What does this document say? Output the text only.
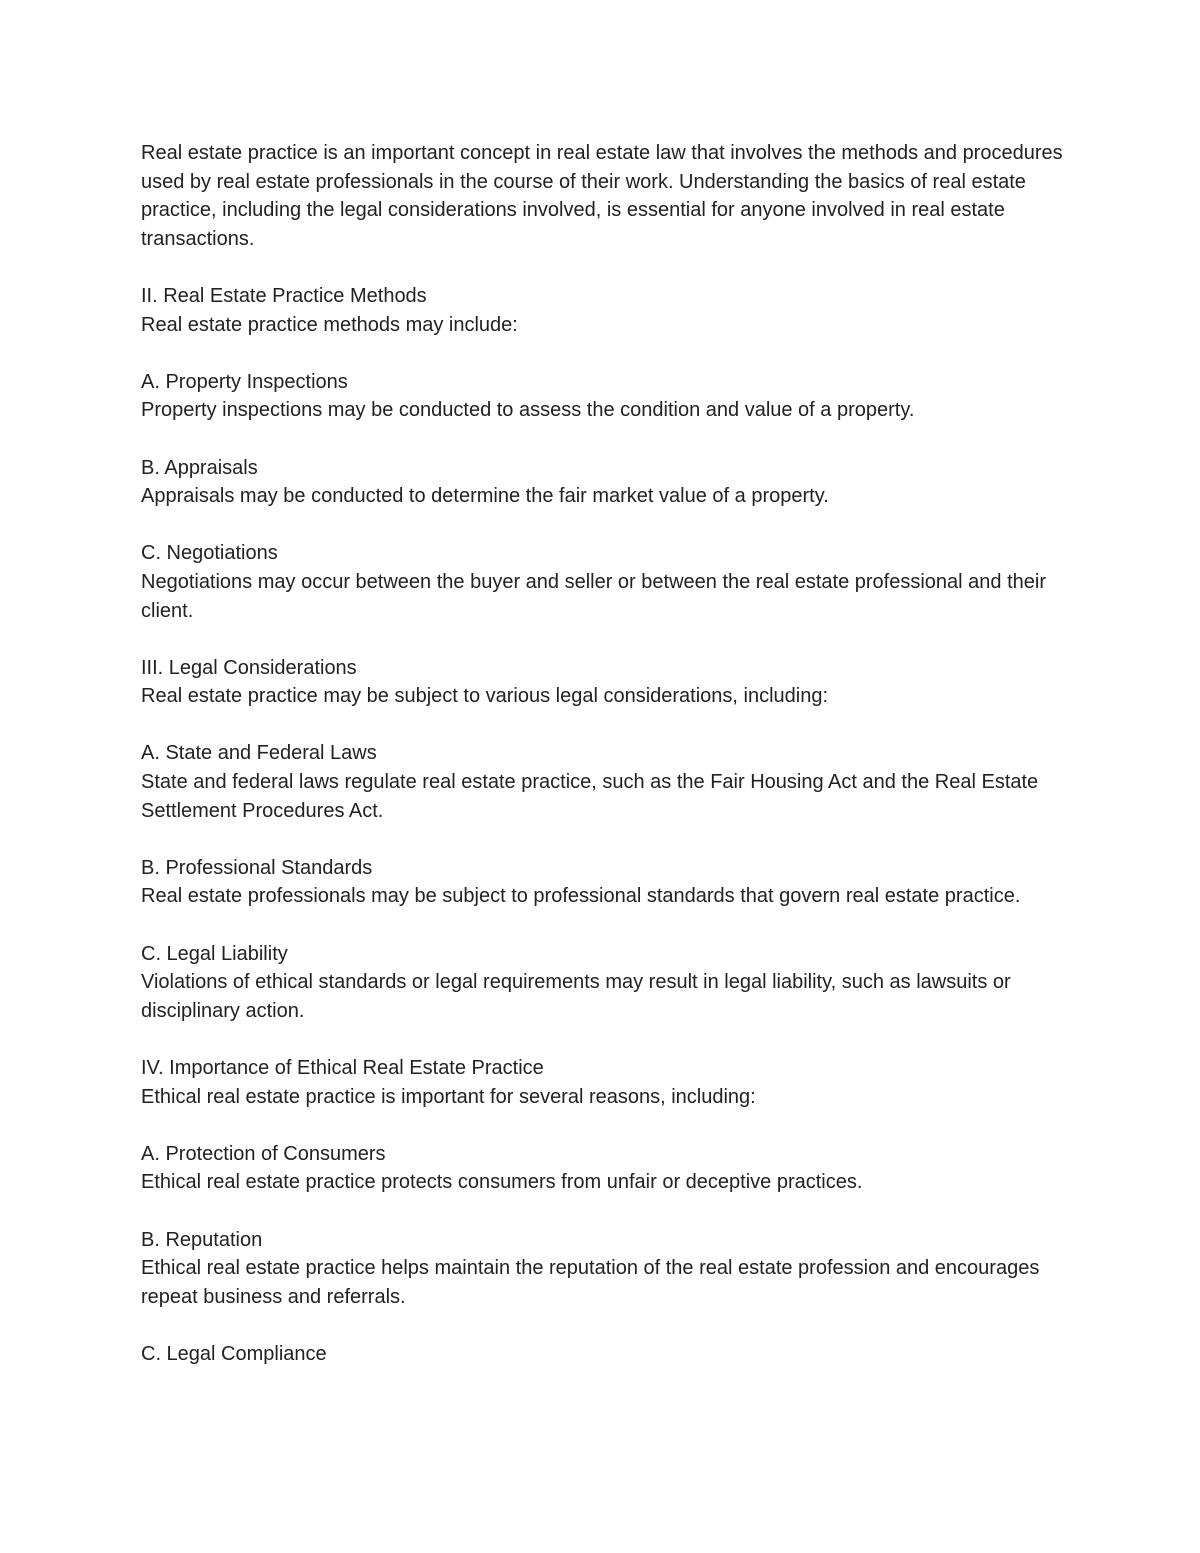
Real estate practice is an important concept in real estate law that involves the methods and procedures used by real estate professionals in the course of their work. Understanding the basics of real estate practice, including the legal considerations involved, is essential for anyone involved in real estate transactions.

II. Real Estate Practice Methods

Real estate practice methods may include:

A. Property Inspections

Property inspections may be conducted to assess the condition and value of a property.

B. Appraisals

Appraisals may be conducted to determine the fair market value of a property.

C. Negotiations

Negotiations may occur between the buyer and seller or between the real estate professional and their client.

III. Legal Considerations

Real estate practice may be subject to various legal considerations, including:

A. State and Federal Laws

State and federal laws regulate real estate practice, such as the Fair Housing Act and the Real Estate Settlement Procedures Act.

B. Professional Standards

Real estate professionals may be subject to professional standards that govern real estate practice.

C. Legal Liability

Violations of ethical standards or legal requirements may result in legal liability, such as lawsuits or disciplinary action.

IV. Importance of Ethical Real Estate Practice

Ethical real estate practice is important for several reasons, including:

A. Protection of Consumers

Ethical real estate practice protects consumers from unfair or deceptive practices.

B. Reputation

Ethical real estate practice helps maintain the reputation of the real estate profession and encourages repeat business and referrals.

C. Legal Compliance
